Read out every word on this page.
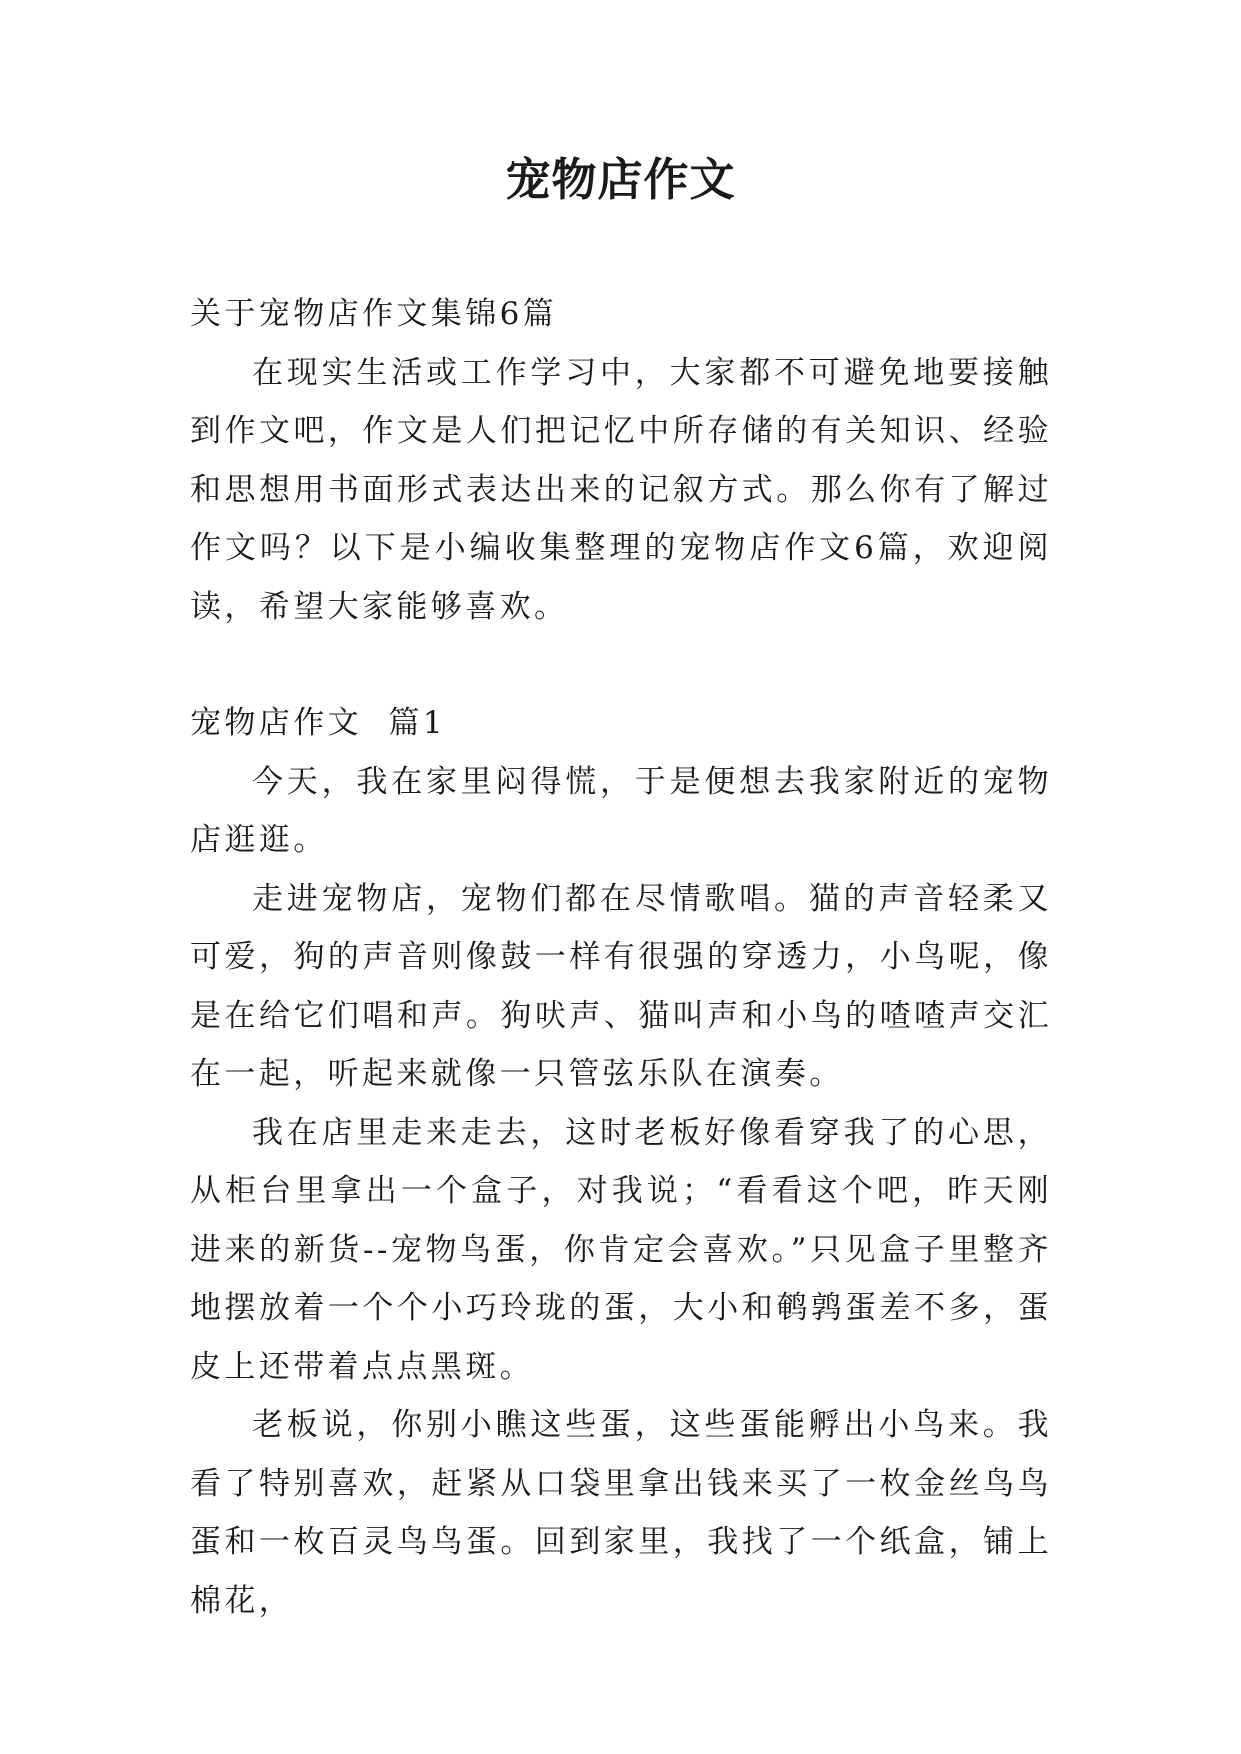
宠物店作文

关于宠物店作文集锦6篇

在现实生活或工作学习中，大家都不可避免地要接触到作文吧，作文是人们把记忆中所存储的有关知识、经验和思想用书面形式表达出来的记叙方式。那么你有了解过作文吗？以下是小编收集整理的宠物店作文6篇，欢迎阅读，希望大家能够喜欢。

宠物店作文  篇1

今天，我在家里闷得慌，于是便想去我家附近的宠物店逛逛。

走进宠物店，宠物们都在尽情歌唱。猫的声音轻柔又可爱，狗的声音则像鼓一样有很强的穿透力，小鸟呢，像是在给它们唱和声。狗吠声、猫叫声和小鸟的喳喳声交汇在一起，听起来就像一只管弦乐队在演奏。

我在店里走来走去，这时老板好像看穿我了的心思，从柜台里拿出一个盒子，对我说；“看看这个吧，昨天刚进来的新货--宠物鸟蛋，你肯定会喜欢。”只见盒子里整齐地摆放着一个个小巧玲珑的蛋，大小和鹌鹑蛋差不多，蛋皮上还带着点点黑斑。

老板说，你别小瞧这些蛋，这些蛋能孵出小鸟来。我看了特别喜欢，赶紧从口袋里拿出钱来买了一枚金丝鸟鸟蛋和一枚百灵鸟鸟蛋。回到家里，我找了一个纸盒，铺上棉花，
